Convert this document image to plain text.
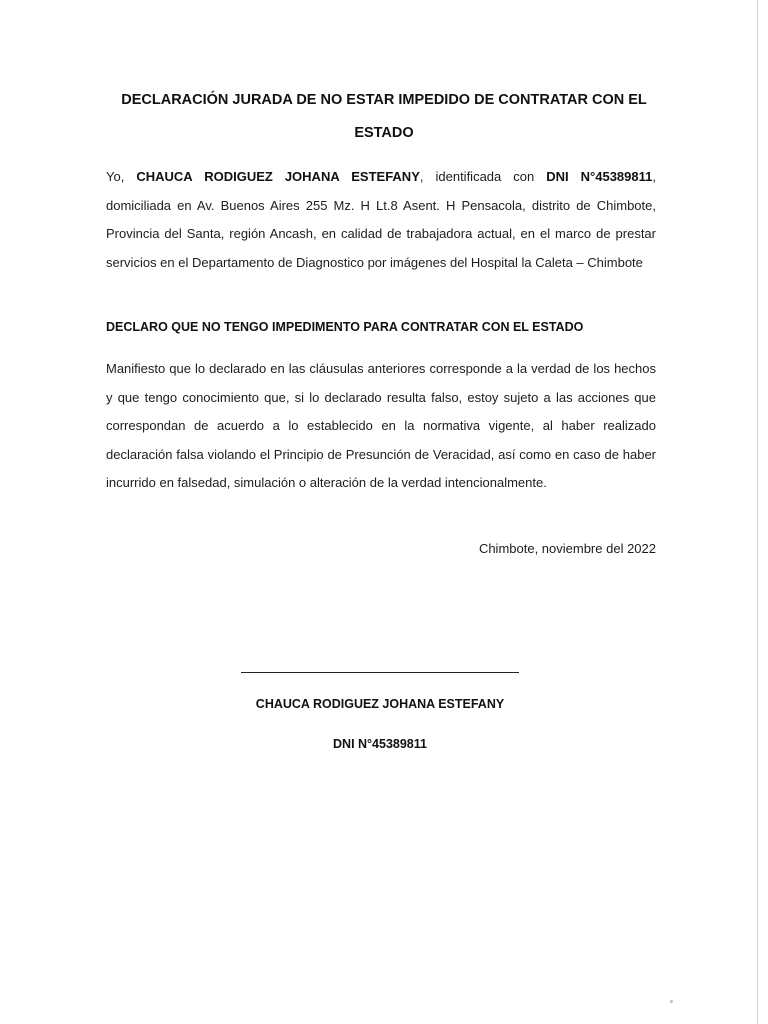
DECLARACIÓN JURADA DE NO ESTAR IMPEDIDO DE CONTRATAR CON EL
ESTADO
Yo, CHAUCA RODIGUEZ JOHANA ESTEFANY, identificada con DNI N°45389811, domiciliada en Av. Buenos Aires 255 Mz. H Lt.8 Asent. H Pensacola, distrito de Chimbote, Provincia del Santa, región Ancash, en calidad de trabajadora actual, en el marco de prestar servicios en el Departamento de Diagnostico por imágenes del Hospital la Caleta – Chimbote
DECLARO QUE NO TENGO IMPEDIMENTO PARA CONTRATAR CON EL ESTADO
Manifiesto que lo declarado en las cláusulas anteriores corresponde a la verdad de los hechos y que tengo conocimiento que, si lo declarado resulta falso, estoy sujeto a las acciones que correspondan de acuerdo a lo establecido en la normativa vigente, al haber realizado declaración falsa violando el Principio de Presunción de Veracidad, así como en caso de haber incurrido en falsedad, simulación o alteración de la verdad intencionalmente.
Chimbote, noviembre del 2022
CHAUCA RODIGUEZ JOHANA ESTEFANY
DNI N°45389811
